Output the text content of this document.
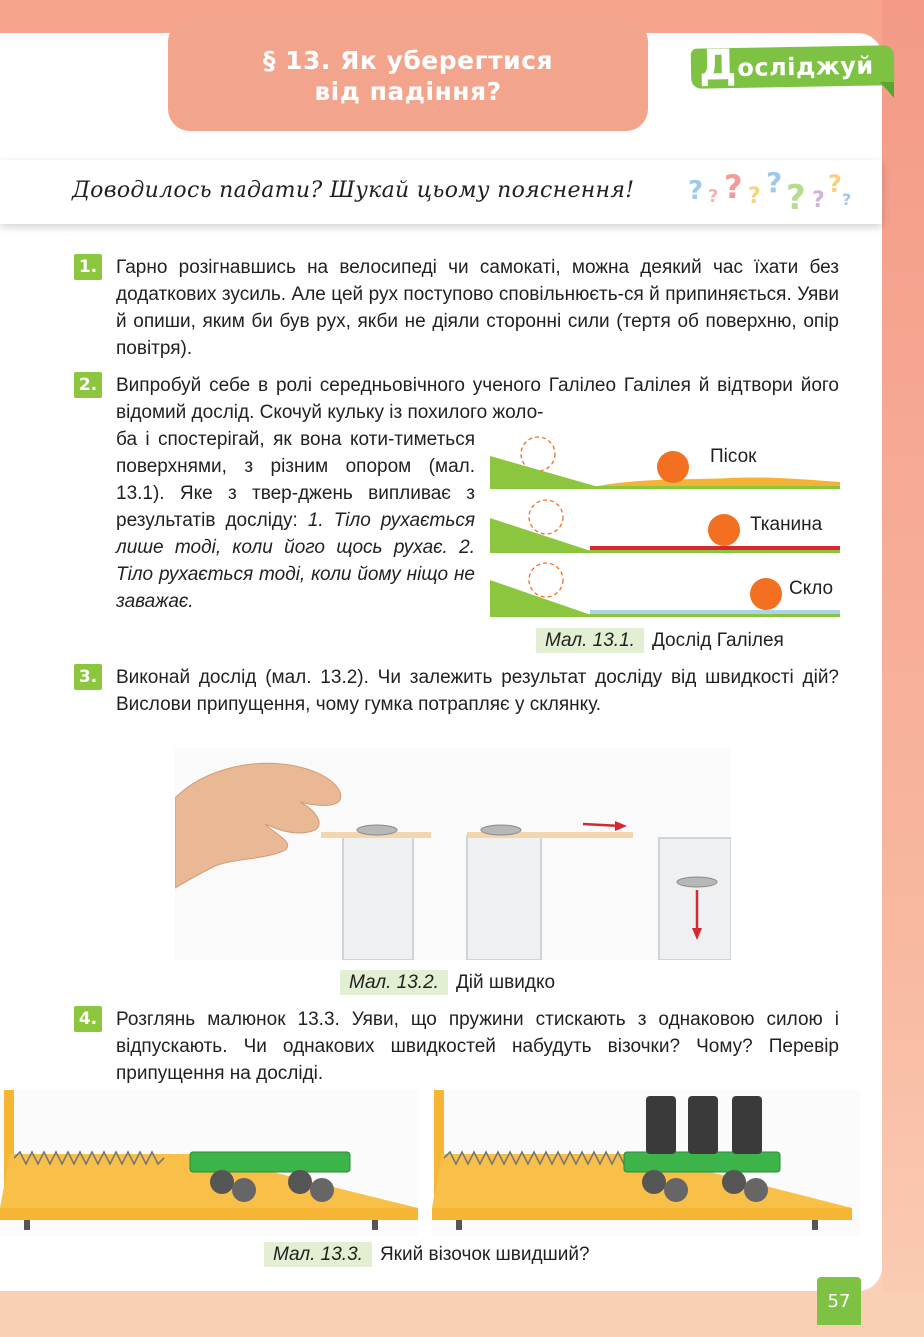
§ 13. Як уберегтися
від падіння?
Д осліджуй
Доводилось падати? Шукай цьому пояснення! ? ? ? ? ? ? ?
?
?
1. Гарно розігнавшись на велосипеді чи самокаті, можна деякий час їхати без додаткових зусиль. Але цей рух поступово сповільнюєть-ся й припиняється. Уяви й опиши, яким би був рух, якби не діяли сторонні сили (тертя об поверхню, опір повітря).
2. Випробуй себе в ролі середньовічного ученого Галілео Галілея й відтвори його відомий дослід. Скочуй кульку із похилого жоло-
ба і спостерігай, як вона коти-тиметься поверхнями, з різним опором (мал. 13.1). Яке з твер-джень випливає з результатів досліду: 1. Тіло рухається лише тоді, коли його щось рухає. 2. Тіло рухається тоді, коли йому ніщо не заважає.
Пісок
Тканина
Скло
Мал. 13.1. Дослід Галілея
3. Виконай дослід (мал. 13.2). Чи залежить результат досліду від швидкості дій? Вислови припущення, чому гумка потрапляє у склянку.
Мал. 13.2. Дій швидко
4. Розглянь малюнок 13.3. Уяви, що пружини стискають з однаковою силою і відпускають. Чи однакових швидкостей набудуть візочки? Чому? Перевір припущення на досліді.
Мал. 13.3. Який візочок швидший?
57
